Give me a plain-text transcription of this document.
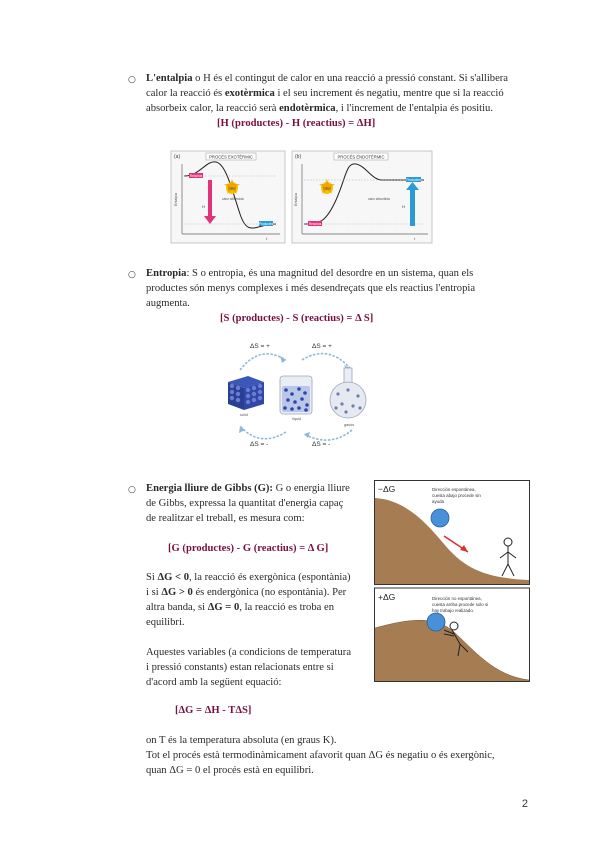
○ L'entalpia o H és el contingut de calor en una reacció a pressió constant. Si s'allibera
calor la reacció és exotèrmica i el seu increment és negatiu, mentre que si la reacció
absorbeix calor, la reacció serà endotèrmica, i l'increment de l'entalpia és positiu.
[H (productes) - H (reactius) = ΔH]
(a)	PROCÉS EXOTÈRMIC
Entalpia
t
Reactius
Productes
H
Calor
calor alliberada
(b)	PROCÉS ENDOTÈRMIC
Entalpia
t
Reactius
Productes
H
Calor
calor absorbida
○ Entropia: S o entropia, és una magnitud del desordre en un sistema, quan els
productes són menys complexes i més desendreçats que els reactius l'entropia
augmenta.
[S (productes) - S (reactius) = Δ S]
ΔS = +	ΔS = +
sòlid
líquid
gasós
ΔS = -	ΔS = -
○ Energia lliure de Gibbs (G): G o energia lliure
de Gibbs, expressa la quantitat d'energia capaç
de realitzar el treball, es mesura com:
[G (productes) - G (reactius) = Δ G]
Si ΔG < 0, la reacció és exergònica (espontània)
i si ΔG > 0 és endergònica (no espontània). Per
altra banda, si ΔG = 0, la reacció es troba en
equilibri.
Aquestes variables (a condicions de temperatura
i pressió constants) estan relacionats entre si
d'acord amb la següent equació:
[ΔG = ΔH - TΔS]
on T és la temperatura absoluta (en graus K).
Tot el procés està termodinàmicament afavorit quan ΔG és negatiu o és exergònic,
quan ΔG = 0 el procés està en equilibri.
−ΔG	Dirección espontánea,
cuesta abajo procede sin
ayuda
+ΔG	Dirección no espontánea,
cuesta arriba procede solo si
hay trabajo realizado.
2
